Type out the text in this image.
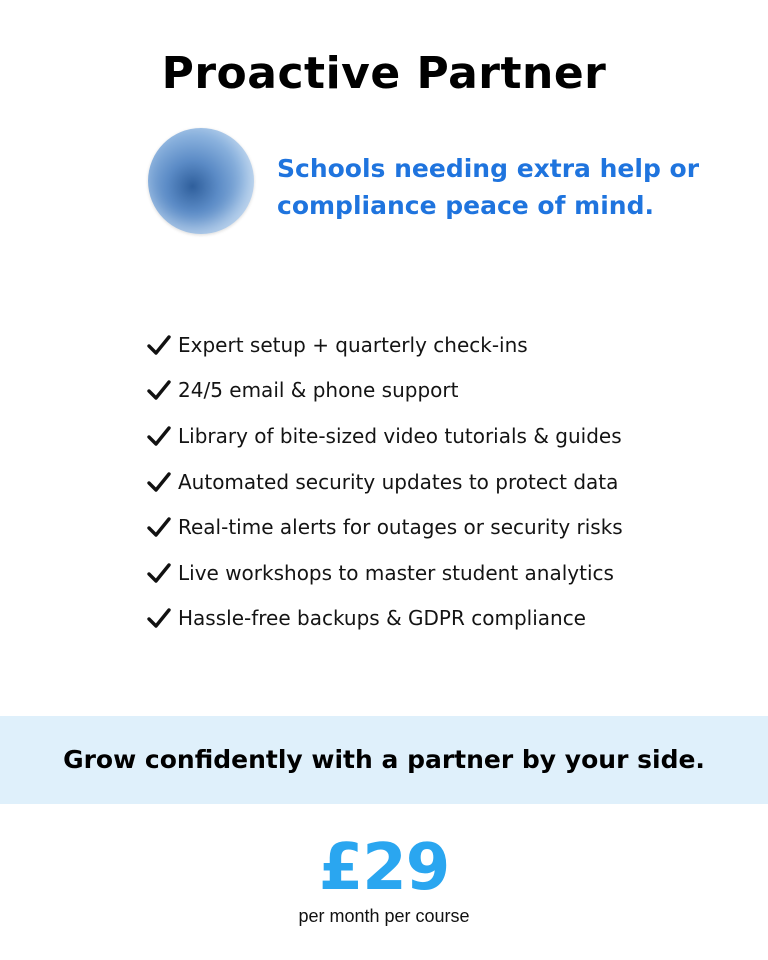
Proactive Partner
Schools needing extra help or
compliance peace of mind.
Expert setup + quarterly check-ins
24/5 email & phone support
Library of bite-sized video tutorials & guides
Automated security updates to protect data
Real-time alerts for outages or security risks
Live workshops to master student analytics
Hassle-free backups & GDPR compliance
Grow confidently with a partner by your side.
£29
per month per course
